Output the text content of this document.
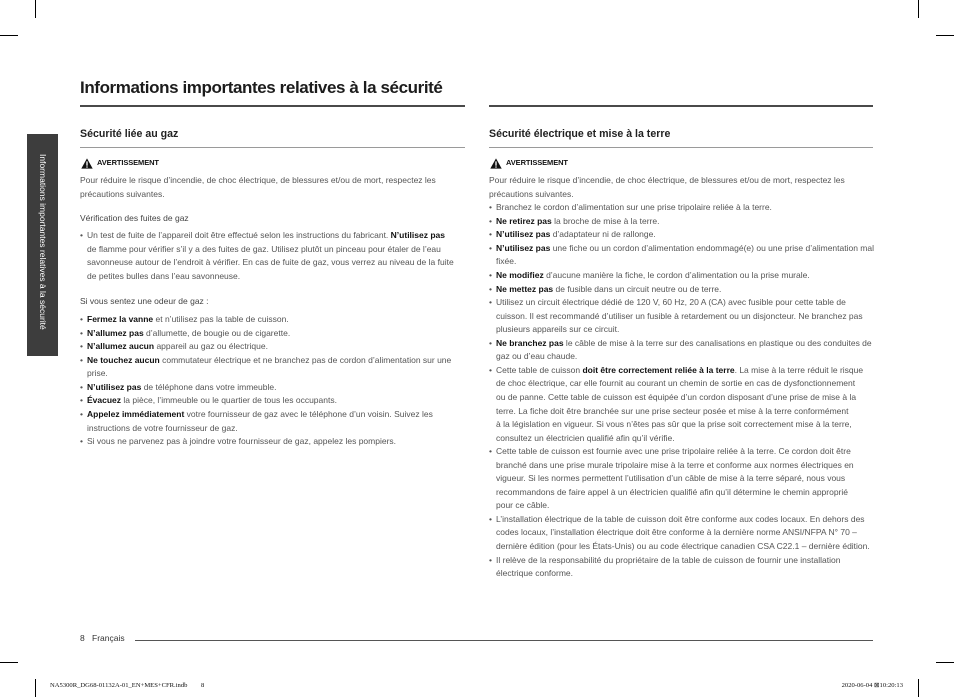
Informations importantes relatives à la sécurité
Informations importantes relatives à la sécurité
Sécurité liée au gaz
AVERTISSEMENT

Pour réduire le risque d’incendie, de choc électrique, de blessures et/ou de mort, respectez les
précautions suivantes.

Vérification des fuites de gaz

• Un test de fuite de l’appareil doit être effectué selon les instructions du fabricant. N’utilisez pas
de flamme pour vérifier s’il y a des fuites de gaz. Utilisez plutôt un pinceau pour étaler de l’eau
savonneuse autour de l’endroit à vérifier. En cas de fuite de gaz, vous verrez au niveau de la fuite
de petites bulles dans l’eau savonneuse.

Si vous sentez une odeur de gaz :

• Fermez la vanne et n’utilisez pas la table de cuisson.
• N’allumez pas d’allumette, de bougie ou de cigarette.
• N’allumez aucun appareil au gaz ou électrique.
• Ne touchez aucun commutateur électrique et ne branchez pas de cordon d’alimentation sur une
prise.
• N’utilisez pas de téléphone dans votre immeuble.
• Évacuez la pièce, l’immeuble ou le quartier de tous les occupants.
• Appelez immédiatement votre fournisseur de gaz avec le téléphone d’un voisin. Suivez les
instructions de votre fournisseur de gaz.
• Si vous ne parvenez pas à joindre votre fournisseur de gaz, appelez les pompiers.
Sécurité électrique et mise à la terre
AVERTISSEMENT

Pour réduire le risque d’incendie, de choc électrique, de blessures et/ou de mort, respectez les
précautions suivantes.

• Branchez le cordon d’alimentation sur une prise tripolaire reliée à la terre.
• Ne retirez pas la broche de mise à la terre.
• N’utilisez pas d’adaptateur ni de rallonge.
• N’utilisez pas une fiche ou un cordon d’alimentation endommagé(e) ou une prise d’alimentation mal
fixée.
• Ne modifiez d’aucune manière la fiche, le cordon d’alimentation ou la prise murale.
• Ne mettez pas de fusible dans un circuit neutre ou de terre.
• Utilisez un circuit électrique dédié de 120 V, 60 Hz, 20 A (CA) avec fusible pour cette table de
cuisson. Il est recommandé d’utiliser un fusible à retardement ou un disjoncteur. Ne branchez pas
plusieurs appareils sur ce circuit.
• Ne branchez pas le câble de mise à la terre sur des canalisations en plastique ou des conduites de
gaz ou d’eau chaude.
• Cette table de cuisson doit être correctement reliée à la terre. La mise à la terre réduit le risque
de choc électrique, car elle fournit au courant un chemin de sortie en cas de dysfonctionnement
ou de panne. Cette table de cuisson est équipée d’un cordon disposant d’une prise de mise à la
terre. La fiche doit être branchée sur une prise secteur posée et mise à la terre conformément
à la législation en vigueur. Si vous n’êtes pas sûr que la prise soit correctement mise à la terre,
consultez un électricien qualifié afin qu’il vérifie.
• Cette table de cuisson est fournie avec une prise tripolaire reliée à la terre. Ce cordon doit être
branché dans une prise murale tripolaire mise à la terre et conforme aux normes électriques en
vigueur. Si les normes permettent l’utilisation d’un câble de mise à la terre séparé, nous vous
recommandons de faire appel à un électricien qualifié afin qu’il détermine le chemin approprié
pour ce câble.
• L’installation électrique de la table de cuisson doit être conforme aux codes locaux. En dehors des
codes locaux, l’installation électrique doit être conforme à la dernière norme ANSI/NFPA N° 70 –
dernière édition (pour les États-Unis) ou au code électrique canadien CSA C22.1 – dernière édition.
• Il relève de la responsabilité du propriétaire de la table de cuisson de fournir une installation
électrique conforme.
8 Français
NA5300R_DG68-01132A-01_EN+MES+CFR.indb 8	2020-06-04 ⊠10:20:13
